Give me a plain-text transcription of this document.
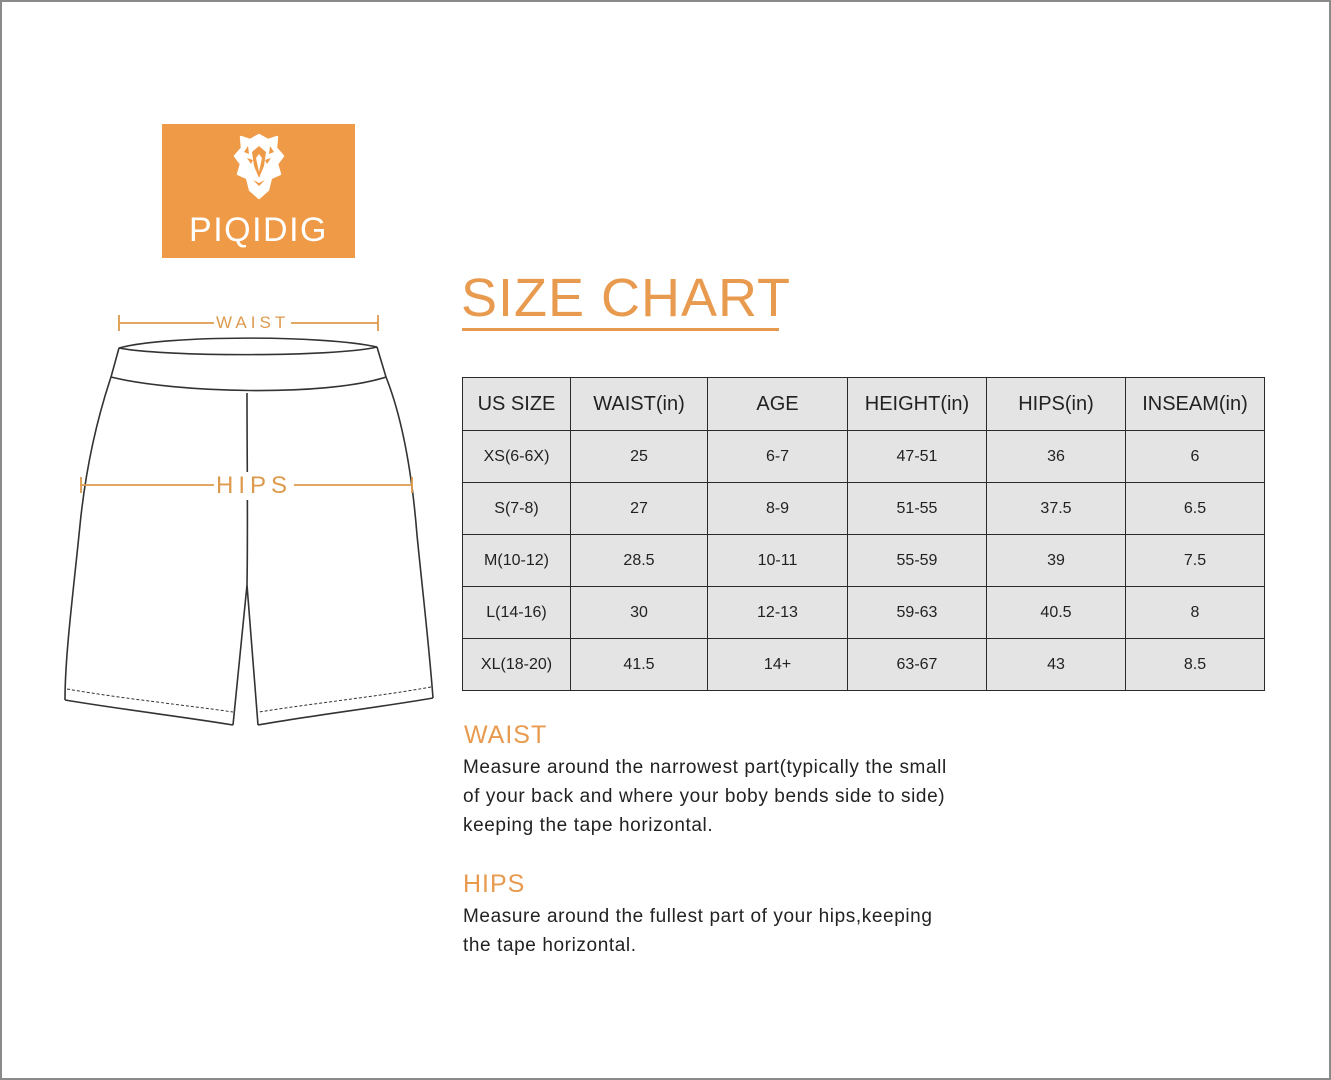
PIQIDIG
WAIST
HIPS
SIZE CHART
US SIZE	WAIST(in)	AGE	HEIGHT(in)	HIPS(in)	INSEAM(in)
XS(6-6X)	25	6-7	47-51	36	6
S(7-8)	27	8-9	51-55	37.5	6.5
M(10-12)	28.5	10-11	55-59	39	7.5
L(14-16)	30	12-13	59-63	40.5	8
XL(18-20)	41.5	14+	63-67	43	8.5
WAIST
Measure around the narrowest part(typically the small
of your back and where your boby bends side to side)
keeping the tape horizontal.
HIPS
Measure around the fullest part of your hips,keeping
the tape horizontal.
